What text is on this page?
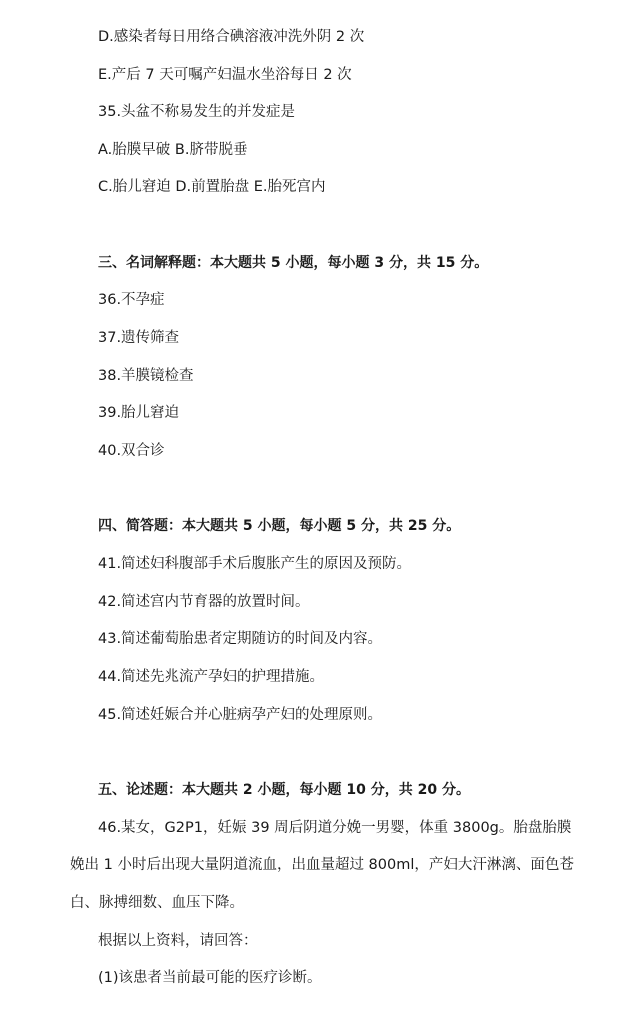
D.感染者每日用络合碘溶液冲洗外阴 2 次
E.产后 7 天可嘱产妇温水坐浴每日 2 次
35.头盆不称易发生的并发症是
A.胎膜早破 B.脐带脱垂
C.胎儿窘迫 D.前置胎盘 E.胎死宫内
三、名词解释题：本大题共 5 小题，每小题 3 分，共 15 分。
36.不孕症
37.遗传筛查
38.羊膜镜检查
39.胎儿窘迫
40.双合诊
四、简答题：本大题共 5 小题，每小题 5 分，共 25 分。
41.简述妇科腹部手术后腹胀产生的原因及预防。
42.简述宫内节育器的放置时间。
43.简述葡萄胎患者定期随访的时间及内容。
44.简述先兆流产孕妇的护理措施。
45.简述妊娠合并心脏病孕产妇的处理原则。
五、论述题：本大题共 2 小题，每小题 10 分，共 20 分。
46.某女，G2P1，妊娠 39 周后阴道分娩一男婴，体重 3800g。胎盘胎膜
娩出 1 小时后出现大量阴道流血，出血量超过 800ml，产妇大汗淋漓、面色苍
白、脉搏细数、血压下降。
根据以上资料，请回答：
(1)该患者当前最可能的医疗诊断。
